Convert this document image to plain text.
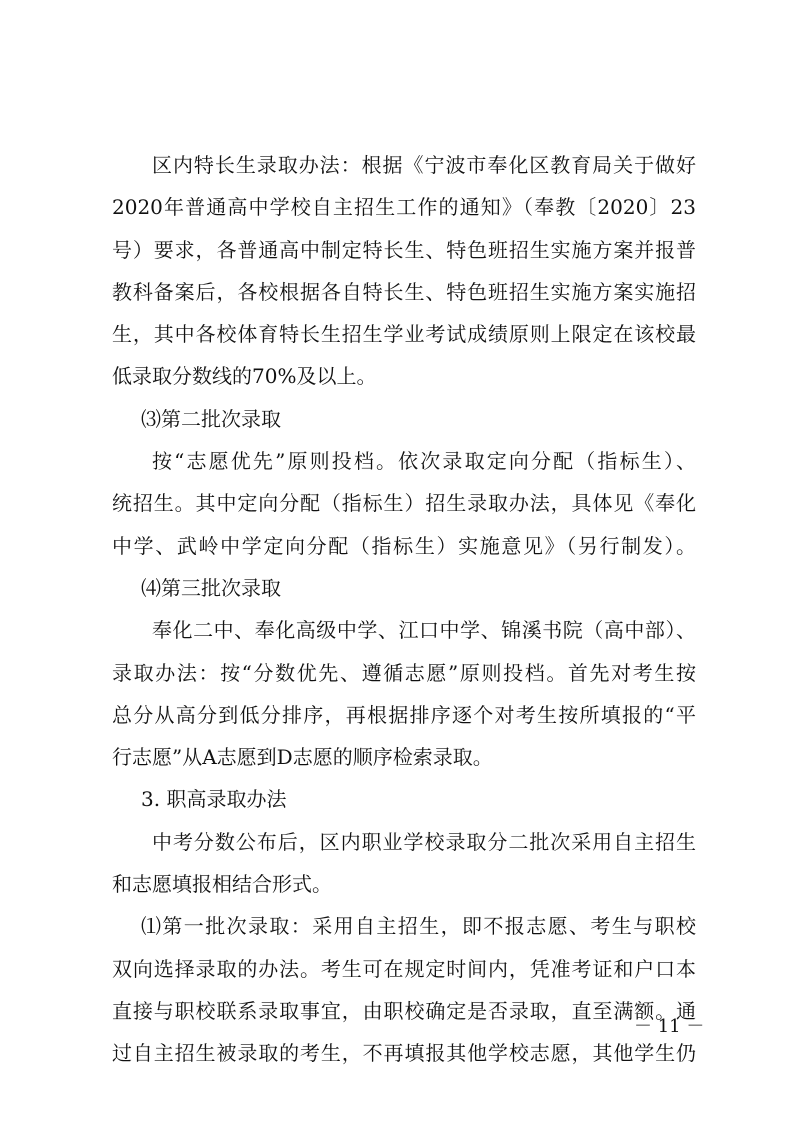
区内特长生录取办法：根据《宁波市奉化区教育局关于做好
2020年普通高中学校自主招生工作的通知》（奉教〔2020〕23
号）要求，各普通高中制定特长生、特色班招生实施方案并报普
教科备案后，各校根据各自特长生、特色班招生实施方案实施招
生，其中各校体育特长生招生学业考试成绩原则上限定在该校最
低录取分数线的70%及以上。
⑶第二批次录取
按“志愿优先”原则投档。依次录取定向分配（指标生）、
统招生。其中定向分配（指标生）招生录取办法，具体见《奉化
中学、武岭中学定向分配（指标生）实施意见》（另行制发）。
⑷第三批次录取
奉化二中、奉化高级中学、江口中学、锦溪书院（高中部）、
录取办法：按“分数优先、遵循志愿”原则投档。首先对考生按
总分从高分到低分排序，再根据排序逐个对考生按所填报的“平
行志愿”从A志愿到D志愿的顺序检索录取。
3. 职高录取办法
中考分数公布后，区内职业学校录取分二批次采用自主招生
和志愿填报相结合形式。
⑴第一批次录取：采用自主招生，即不报志愿、考生与职校
双向选择录取的办法。考生可在规定时间内，凭准考证和户口本
直接与职校联系录取事宜，由职校确定是否录取，直至满额。通
过自主招生被录取的考生，不再填报其他学校志愿，其他学生仍
－ 11 －
